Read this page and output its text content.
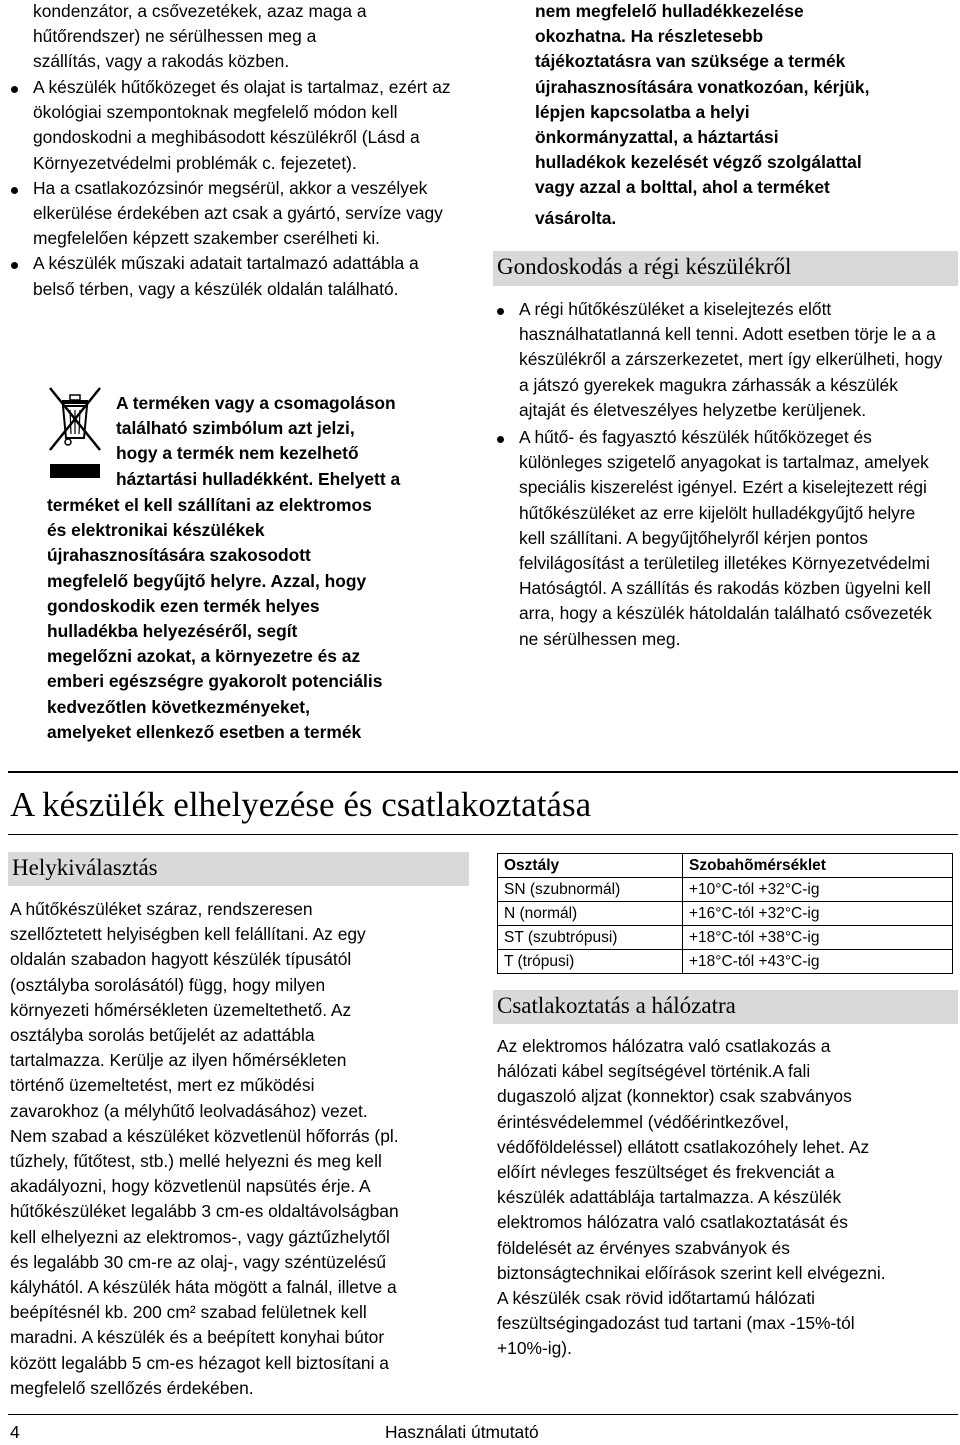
kondenzátor, a csővezetékek, azaz maga a

hűtőrendszer) ne sérülhessen meg a

szállítás, vagy a rakodás közben.

A készülék hűtőközeget és olajat is tartalmaz, ezért az ökológiai szempontoknak megfelelő módon kell gondoskodni a meghibásodott készülékről (Lásd a Környezetvédelmi problémák c. fejezetet).
Ha a csatlakozózsinór megsérül, akkor a veszélyek elkerülése érdekében azt csak a gyártó, servíze vagy megfelelően képzett szakember cserélheti ki.
A készülék műszaki adatait tartalmazó adattábla a belső térben, vagy a készülék oldalán található.

A terméken vagy a csomagoláson

található szimbólum azt jelzi,

hogy a termék nem kezelhető

háztartási hulladékként. Ehelyett a

terméket el kell szállítani az elektromos

és elektronikai készülékek

újrahasznosítására szakosodott

megfelelő begyűjtő helyre. Azzal, hogy

gondoskodik ezen termék helyes

hulladékba helyezéséről, segít

megelőzni azokat, a környezetre és az

emberi egészségre gyakorolt potenciális

kedvezőtlen következményeket,

amelyeket ellenkező esetben a termék

nem megfelelő hulladékkezelése

okozhatna. Ha részletesebb

tájékoztatásra van szüksége a termék

újrahasznosítására vonatkozóan, kérjük,

lépjen kapcsolatba a helyi

önkormányzattal, a háztartási

hulladékok kezelését végző szolgálattal

vagy azzal a bolttal, ahol a terméket

vásárolta.

Gondoskodás a régi készülékről
A régi hűtőkészüléket a kiselejtezés előtt használhatatlanná kell tenni. Adott esetben törje le a a készülékről a zárszerkezetet, mert így elkerülheti, hogy a játszó gyerekek magukra zárhassák a készülék ajtaját és életveszélyes helyzetbe kerüljenek.
A hűtő- és fagyasztó készülék hűtőközeget és különleges szigetelő anyagokat is tartalmaz, amelyek speciális kiszerelést igényel. Ezért a kiselejtezett régi hűtőkészüléket az erre kijelölt hulladékgyűjtő helyre kell szállítani. A begyűjtőhelyről kérjen pontos felvilágosítást a területileg illetékes Környezetvédelmi Hatóságtól. A szállítás és rakodás közben ügyelni kell arra, hogy a készülék hátoldalán található csővezeték ne sérülhessen meg.
A készülék elhelyezése és csatlakoztatása
Helykiválasztás

A hűtőkészüléket száraz, rendszeresen

szellőztetett helyiségben kell felállítani. Az egy

oldalán szabadon hagyott készülék típusától

(osztályba sorolásától) függ, hogy milyen

környezeti hőmérsékleten üzemeltethető. Az

osztályba sorolás betűjelét az adattábla

tartalmazza. Kerülje az ilyen hőmérsékleten

történő üzemeltetést, mert ez működési

zavarokhoz (a mélyhűtő leolvadásához) vezet.

Nem szabad a készüléket közvetlenül hőforrás (pl.

tűzhely, fűtőtest, stb.) mellé helyezni és meg kell

akadályozni, hogy közvetlenül napsütés érje. A

hűtőkészüléket legalább 3 cm-es oldaltávolságban

kell elhelyezni az elektromos-, vagy gáztűzhelytől

és legalább 30 cm-re az olaj-, vagy széntüzelésű

kályhától. A készülék háta mögött a falnál, illetve a

beépítésnél kb. 200 cm² szabad felületnek kell

maradni. A készülék és a beépített konyhai bútor

között legalább 5 cm-es hézagot kell biztosítani a

megfelelő szellőzés érdekében.

Osztály	Szobahõmérséklet
SN (szubnormál)	+10°C-tól +32°C-ig
N (normál)	+16°C-tól +32°C-ig
ST (szubtrópusi)	+18°C-tól +38°C-ig
T (trópusi)	+18°C-tól +43°C-ig
Csatlakoztatás a hálózatra

Az elektromos hálózatra való csatlakozás a

hálózati kábel segítségével történik.A fali

dugaszoló aljzat (konnektor) csak szabványos

érintésvédelemmel (védőérintkezővel,

védőföldeléssel) ellátott csatlakozóhely lehet. Az

előírt névleges feszültséget és frekvenciát a

készülék adattáblája tartalmazza. A készülék

elektromos hálózatra való csatlakoztatását és

földelését az érvényes szabványok és

biztonságtechnikai előírások szerint kell elvégezni.

A készülék csak rövid időtartamú hálózati

feszültségingadozást tud tartani (max -15%-tól

+10%-ig).

4	Használati útmutató
